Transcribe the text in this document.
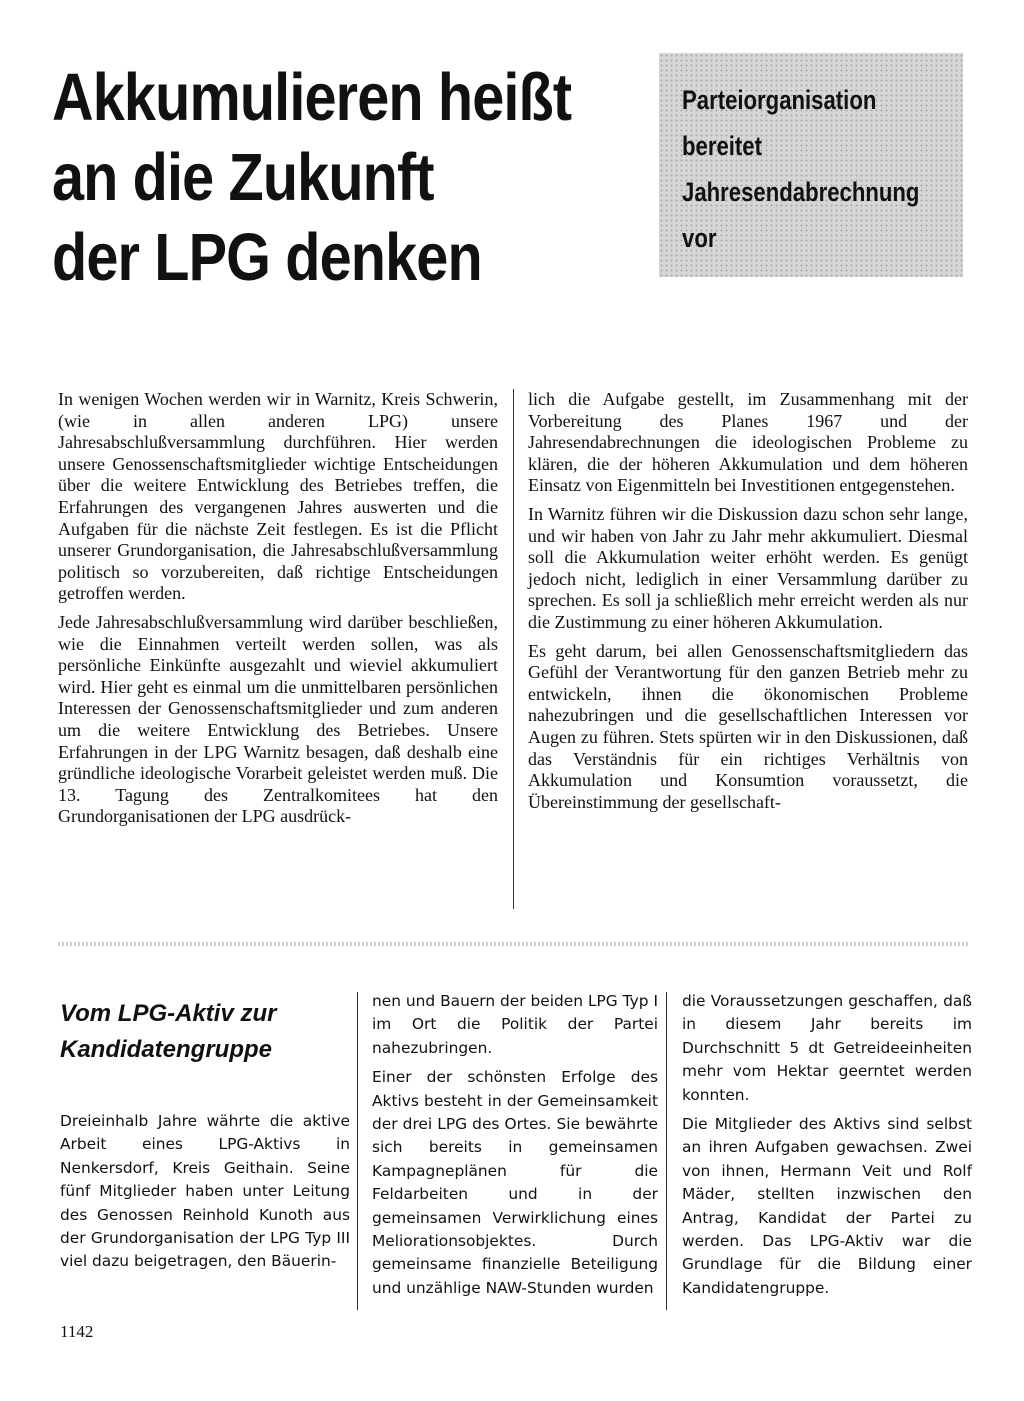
Akkumulieren heißt
an die Zukunft
der LPG denken
Parteiorganisation
bereitet
Jahresendabrechnung
vor

In wenigen Wochen werden wir in Warnitz, Kreis Schwerin, (wie in allen anderen LPG) unsere Jahresabschlußversammlung durchführen. Hier werden unsere Genossenschaftsmitglieder wichtige Entscheidungen über die weitere Entwicklung des Betriebes treffen, die Erfahrungen des vergangenen Jahres auswerten und die Aufgaben für die nächste Zeit festlegen. Es ist die Pflicht unserer Grundorganisation, die Jahresabschlußversammlung politisch so vorzubereiten, daß richtige Entscheidungen getroffen werden.

Jede Jahresabschlußversammlung wird darüber beschließen, wie die Einnahmen verteilt werden sollen, was als persönliche Einkünfte ausgezahlt und wieviel akkumuliert wird. Hier geht es einmal um die unmittelbaren persönlichen Interessen der Genossenschaftsmitglieder und zum anderen um die weitere Entwicklung des Betriebes. Unsere Erfahrungen in der LPG Warnitz besagen, daß deshalb eine gründliche ideologische Vorarbeit geleistet werden muß. Die 13. Tagung des Zentralkomitees hat den Grundorganisationen der LPG ausdrück-

lich die Aufgabe gestellt, im Zusammenhang mit der Vorbereitung des Planes 1967 und der Jahresendabrechnungen die ideologischen Probleme zu klären, die der höheren Akkumulation und dem höheren Einsatz von Eigenmitteln bei Investitionen entgegenstehen.

In Warnitz führen wir die Diskussion dazu schon sehr lange, und wir haben von Jahr zu Jahr mehr akkumuliert. Diesmal soll die Akkumulation weiter erhöht werden. Es genügt jedoch nicht, lediglich in einer Versammlung darüber zu sprechen. Es soll ja schließlich mehr erreicht werden als nur die Zustimmung zu einer höheren Akkumulation.

Es geht darum, bei allen Genossenschaftsmitgliedern das Gefühl der Verantwortung für den ganzen Betrieb mehr zu entwickeln, ihnen die ökonomischen Probleme nahezubringen und die gesellschaftlichen Interessen vor Augen zu führen. Stets spürten wir in den Diskussionen, daß das Verständnis für ein richtiges Verhältnis von Akkumulation und Konsumtion voraussetzt, die Übereinstimmung der gesellschaft-

Vom LPG-Aktiv zur
Kandidatengruppe

Dreieinhalb Jahre währte die aktive Arbeit eines LPG-Aktivs in Nenkersdorf, Kreis Geithain. Seine fünf Mitglieder haben unter Leitung des Genossen Reinhold Kunoth aus der Grundorganisation der LPG Typ III viel dazu beigetragen, den Bäuerin-

nen und Bauern der beiden LPG Typ I im Ort die Politik der Partei nahezubringen.

Einer der schönsten Erfolge des Aktivs besteht in der Gemeinsamkeit der drei LPG des Ortes. Sie bewährte sich bereits in gemeinsamen Kampagneplänen für die Feldarbeiten und in der gemeinsamen Verwirklichung eines Meliorationsobjektes. Durch gemeinsame finanzielle Beteiligung und unzählige NAW-Stunden wurden

die Voraussetzungen geschaffen, daß in diesem Jahr bereits im Durchschnitt 5 dt Getreideeinheiten mehr vom Hektar geerntet werden konnten.

Die Mitglieder des Aktivs sind selbst an ihren Aufgaben gewachsen. Zwei von ihnen, Hermann Veit und Rolf Mäder, stellten inzwischen den Antrag, Kandidat der Partei zu werden. Das LPG-Aktiv war die Grundlage für die Bildung einer Kandidatengruppe.

1142
